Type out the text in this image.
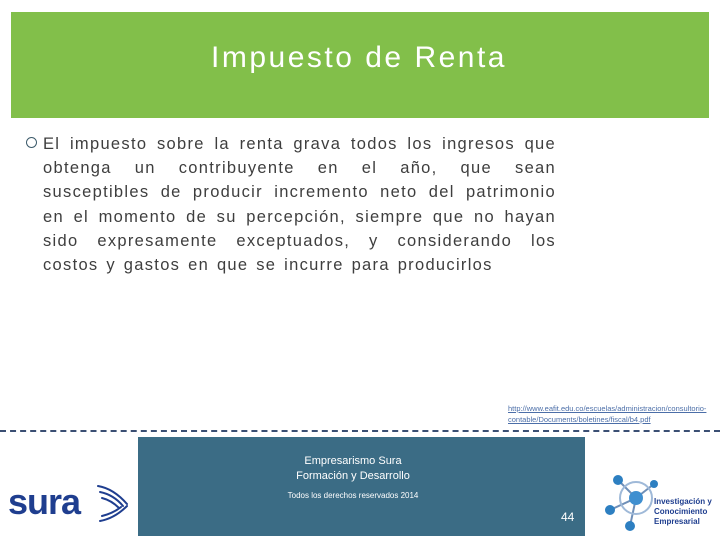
Impuesto de Renta

El impuesto sobre la renta grava todos los ingresos que obtenga un contribuyente en el año, que sean susceptibles de producir incremento neto del patrimonio en el momento de su percepción, siempre que no hayan sido expresamente exceptuados, y considerando los costos y gastos en que se incurre para producirlos

http://www.eafit.edu.co/escuelas/administracion/consultorio-contable/Documents/boletines/fiscal/b4.pdf
sura
Empresarismo Sura
Formación y Desarrollo
Todos los derechos reservados 2014
44
Investigación y
Conocimiento
Empresarial
